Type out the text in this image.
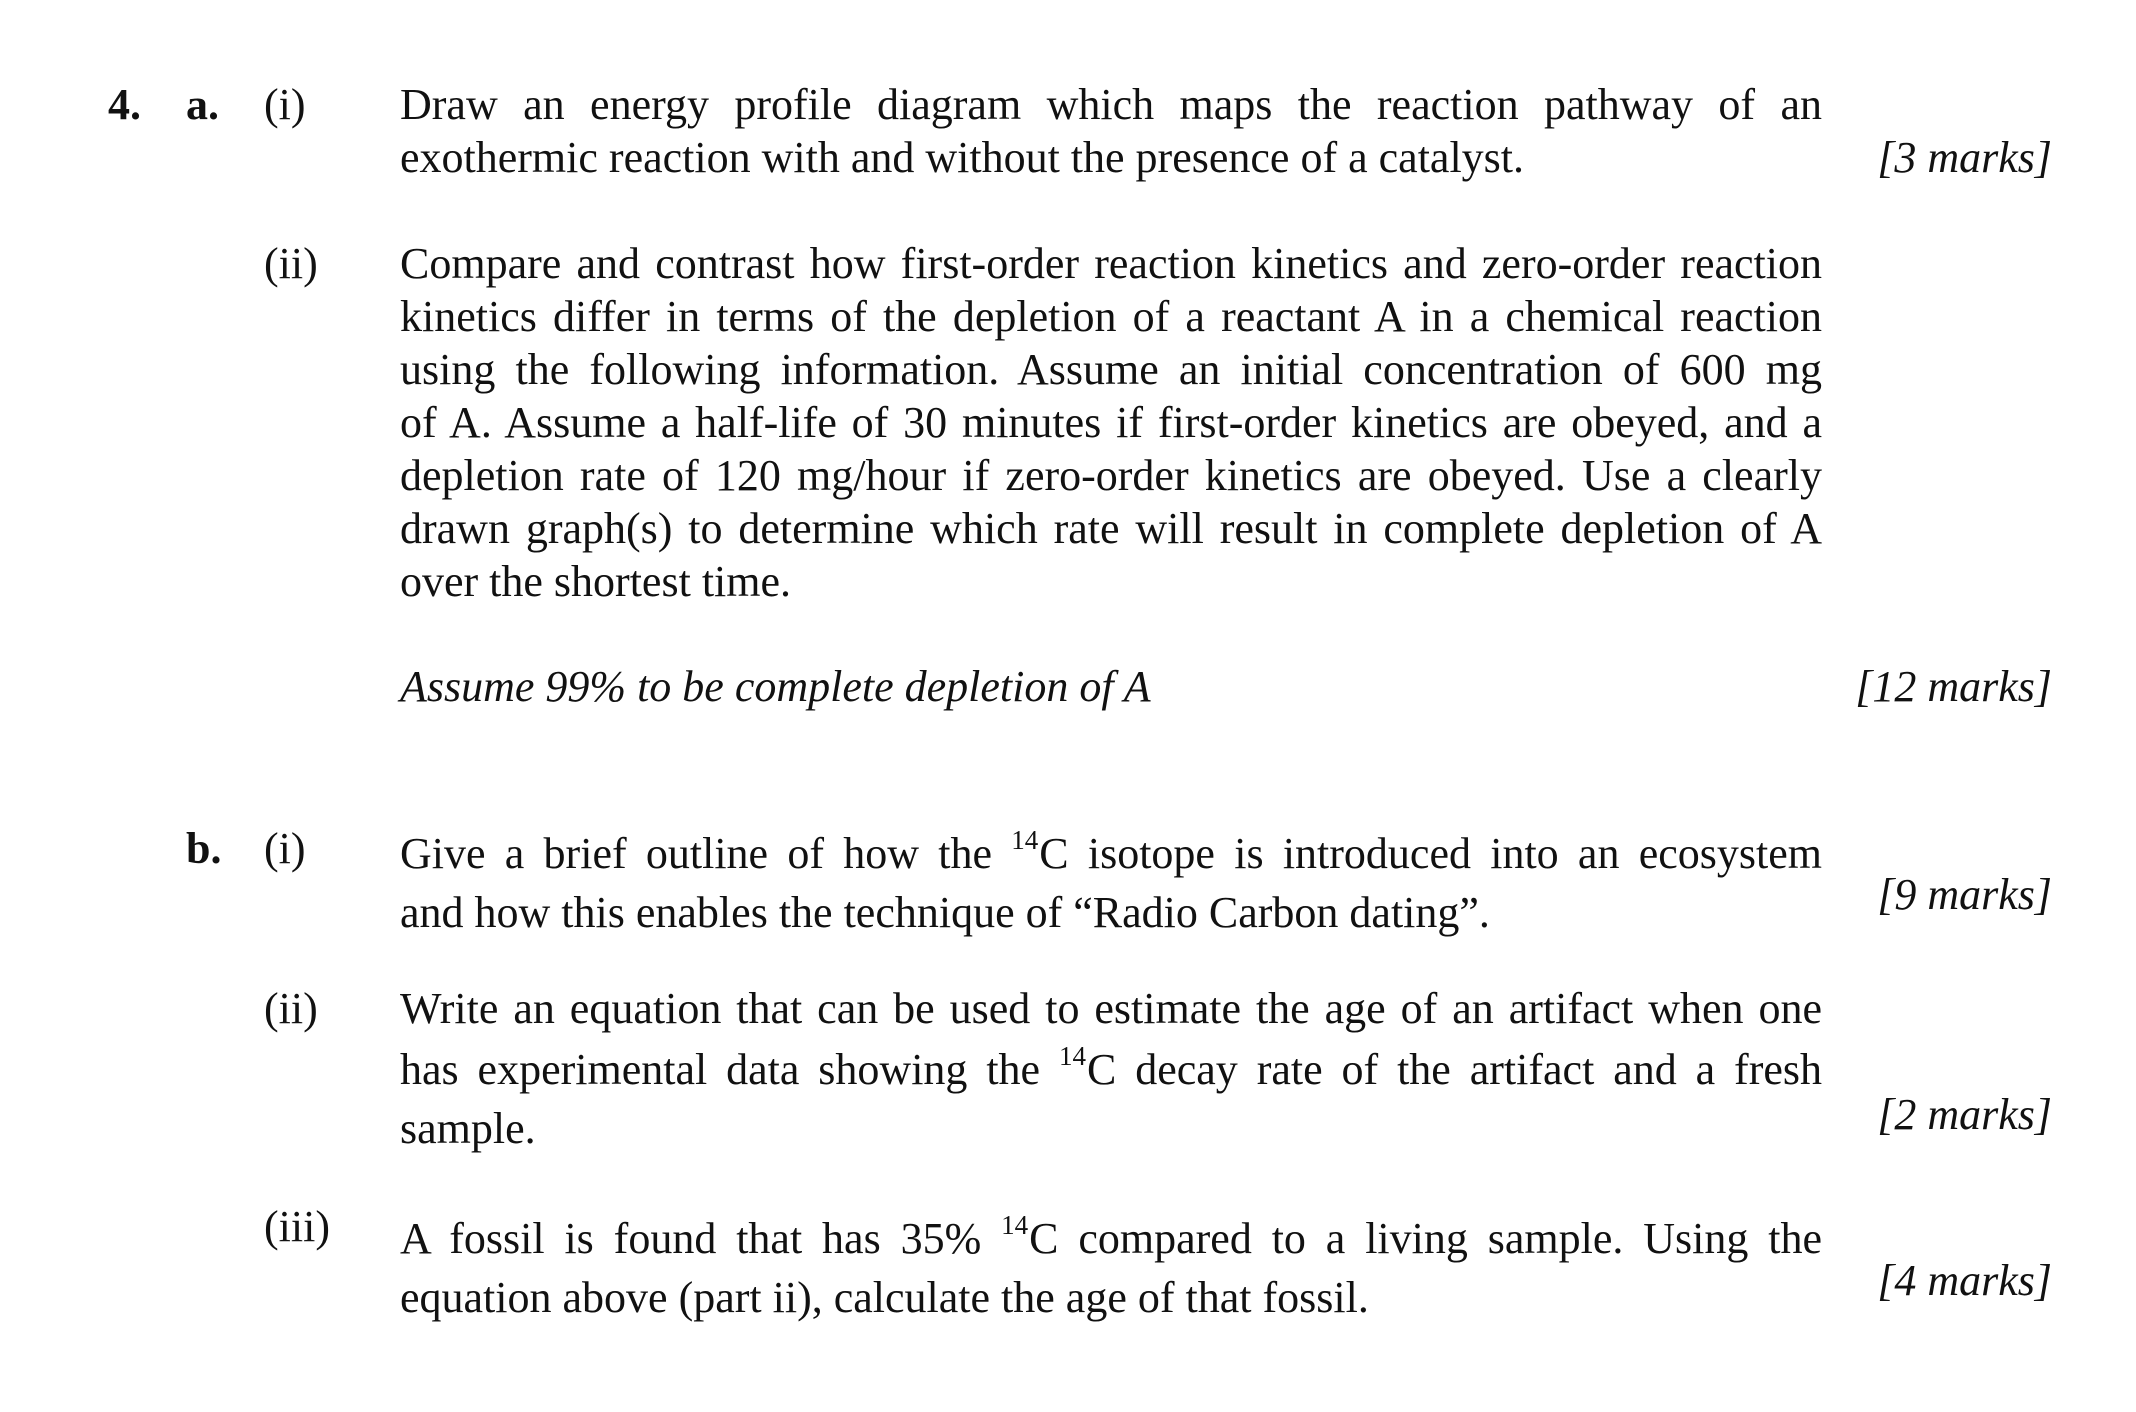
4. a. (i) Draw an energy profile diagram which maps the reaction pathway of an
exothermic reaction with and without the presence of a catalyst.	[3 marks]
(ii) Compare and contrast how first-order reaction kinetics and zero-order reaction
kinetics differ in terms of the depletion of a reactant A in a chemical reaction
using the following information. Assume an initial concentration of 600 mg
of A. Assume a half-life of 30 minutes if first-order kinetics are obeyed, and a
depletion rate of 120 mg/hour if zero-order kinetics are obeyed. Use a clearly
drawn graph(s) to determine which rate will result in complete depletion of A
over the shortest time.
Assume 99% to be complete depletion of A	[12 marks]
b. (i) Give a brief outline of how the $^{14}$C isotope is introduced into an ecosystem
and how this enables the technique of “Radio Carbon dating”.	[9 marks]
(ii) Write an equation that can be used to estimate the age of an artifact when one
has experimental data showing the $^{14}$C decay rate of the artifact and a fresh
sample.	[2 marks]
(iii) A fossil is found that has 35% $^{14}$C compared to a living sample. Using the
equation above (part ii), calculate the age of that fossil.	[4 marks]
